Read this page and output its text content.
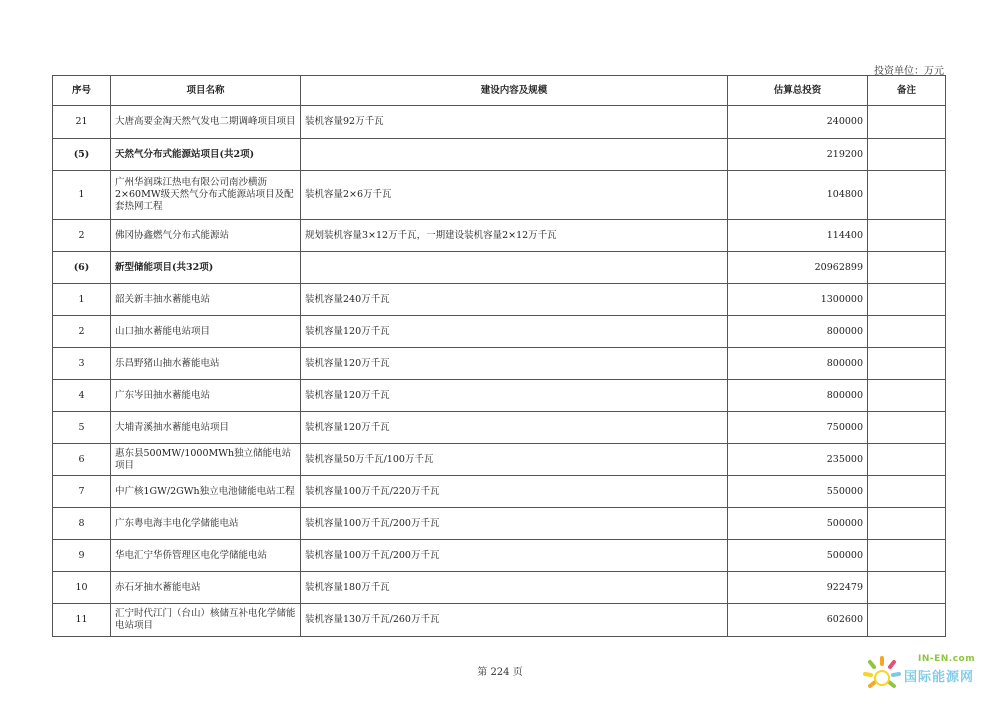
投资单位：万元
序号	项目名称	建设内容及规模	估算总投资	备注
21	大唐高要金淘天然气发电二期调峰项目项目	装机容量92万千瓦	240000	
(5)	天然气分布式能源站项目(共2项)		219200	
1	广州华润珠江热电有限公司南沙横沥2×60MW级天然气分布式能源站项目及配套热网工程	装机容量2×6万千瓦	104800	
2	佛冈协鑫燃气分布式能源站	规划装机容量3×12万千瓦，一期建设装机容量2×12万千瓦	114400	
(6)	新型储能项目(共32项)		20962899	
1	韶关新丰抽水蓄能电站	装机容量240万千瓦	1300000	
2	山口抽水蓄能电站项目	装机容量120万千瓦	800000	
3	乐昌野猪山抽水蓄能电站	装机容量120万千瓦	800000	
4	广东岑田抽水蓄能电站	装机容量120万千瓦	800000	
5	大埔青溪抽水蓄能电站项目	装机容量120万千瓦	750000	
6	惠东县500MW/1000MWh独立储能电站项目	装机容量50万千瓦/100万千瓦	235000	
7	中广核1GW/2GWh独立电池储能电站工程	装机容量100万千瓦/220万千瓦	550000	
8	广东粤电海丰电化学储能电站	装机容量100万千瓦/200万千瓦	500000	
9	华电汇宁华侨管理区电化学储能电站	装机容量100万千瓦/200万千瓦	500000	
10	赤石牙抽水蓄能电站	装机容量180万千瓦	922479	
11	汇宁时代江门（台山）核储互补电化学储能电站项目	装机容量130万千瓦/260万千瓦	602600	
第 224 页
IN-EN.com
国际能源网
